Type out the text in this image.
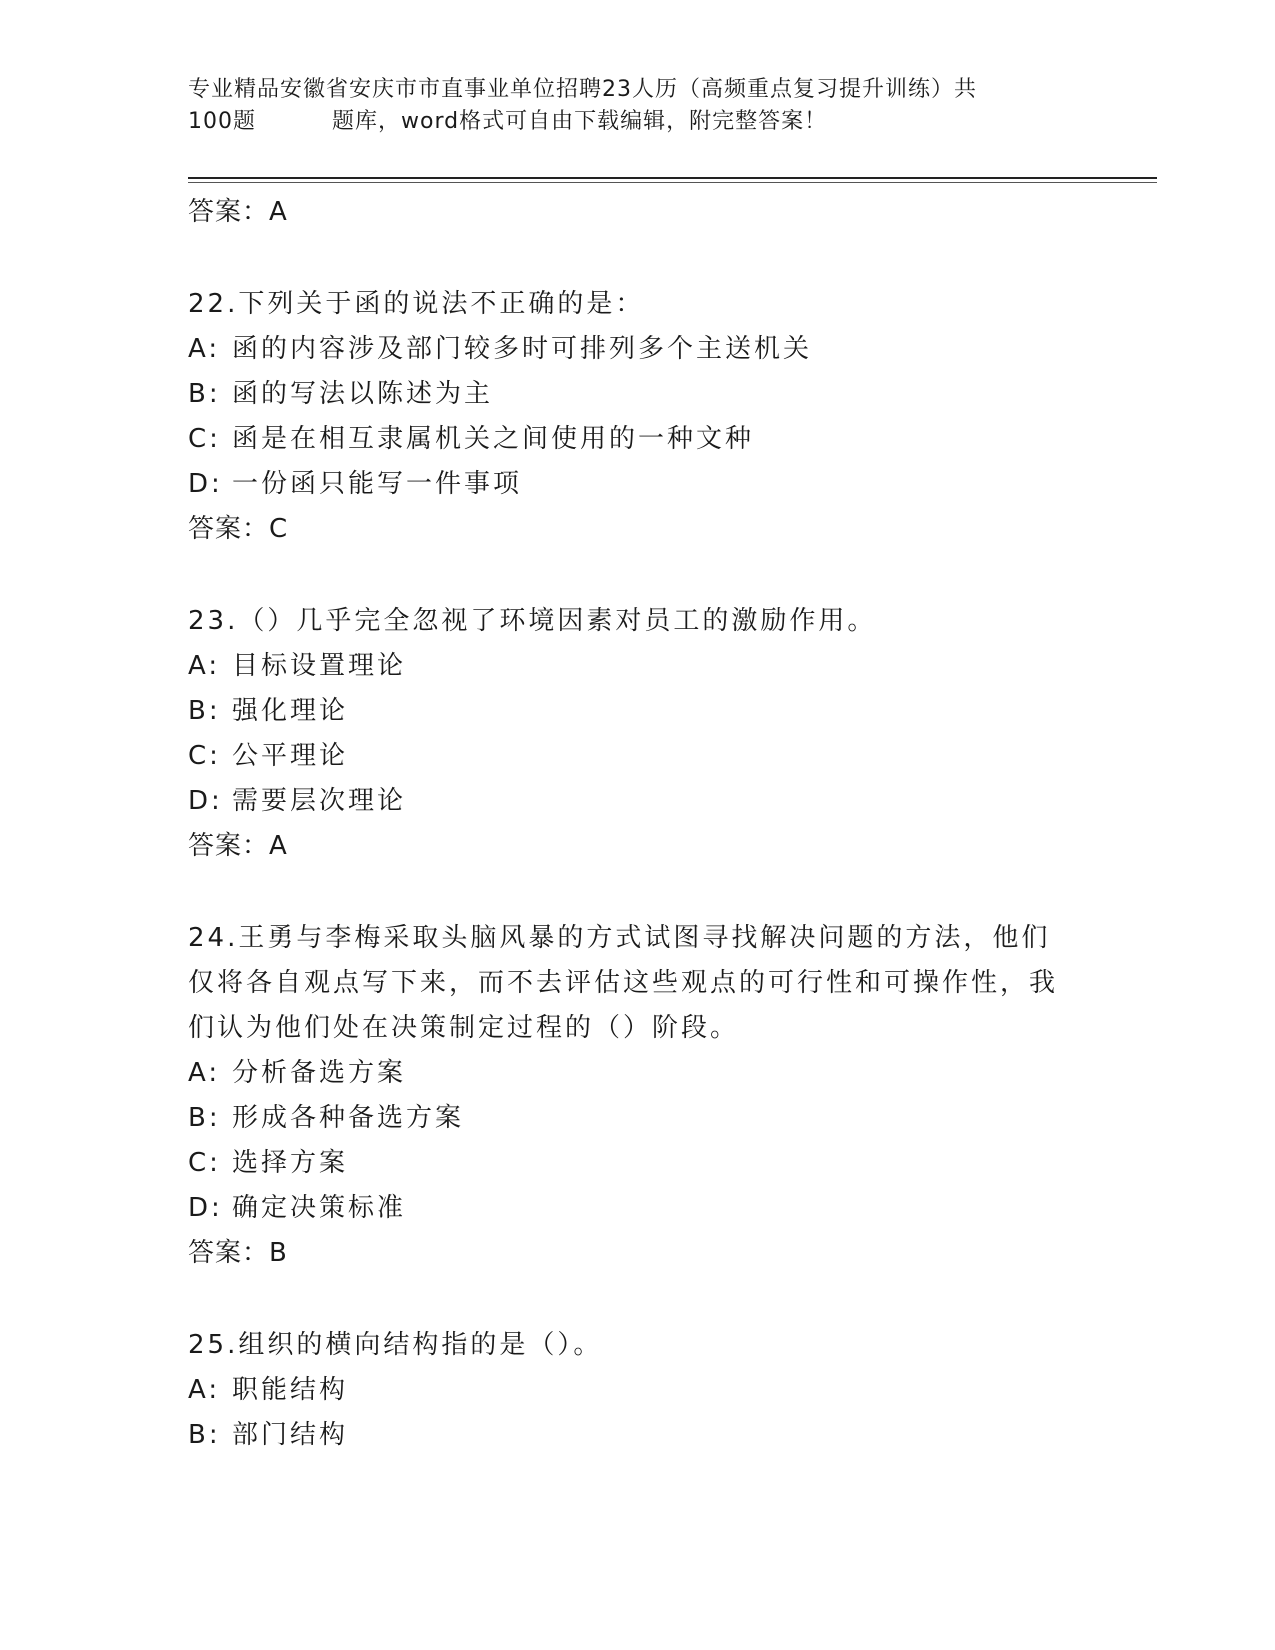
专业精品安徽省安庆市市直事业单位招聘23人历（高频重点复习提升训练）共
100题	题库，word格式可自由下载编辑，附完整答案！

答案：A

22.下列关于函的说法不正确的是：

A: 函的内容涉及部门较多时可排列多个主送机关

B: 函的写法以陈述为主

C: 函是在相互隶属机关之间使用的一种文种

D: 一份函只能写一件事项

答案：C

23.（）几乎完全忽视了环境因素对员工的激励作用。

A: 目标设置理论

B: 强化理论

C: 公平理论

D: 需要层次理论

答案：A

24.王勇与李梅采取头脑风暴的方式试图寻找解决问题的方法，他们仅将各自观点写下来，而不去评估这些观点的可行性和可操作性，我们认为他们处在决策制定过程的（）阶段。

A: 分析备选方案

B: 形成各种备选方案

C: 选择方案

D: 确定决策标准

答案：B

25.组织的横向结构指的是（）。

A: 职能结构

B: 部门结构
